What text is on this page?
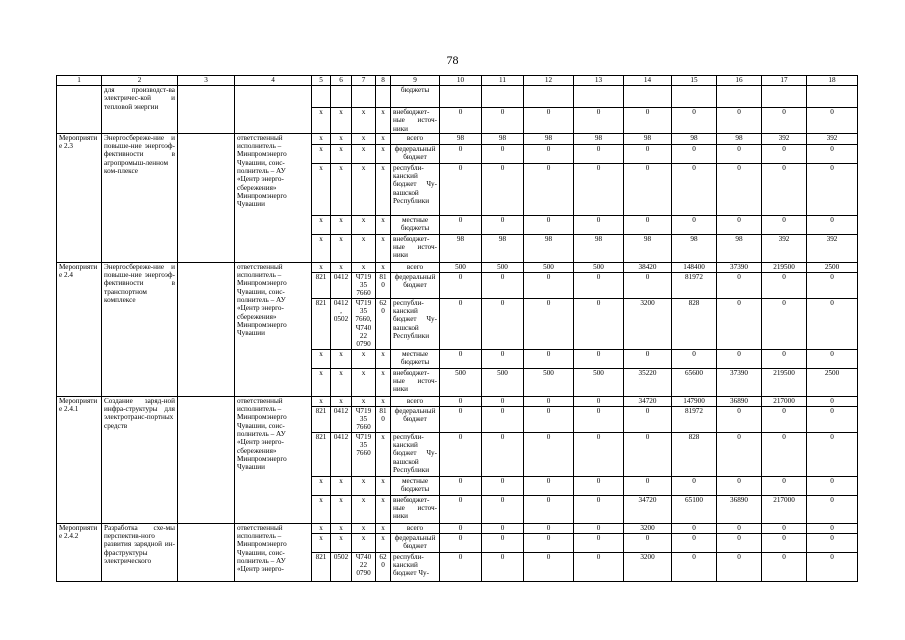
78
1	2	3	4	5	6	7	8	9	10	11	12	13	14	15	16	17	18
	для производст-ва электричес-кой и тепловой энергии							бюджеты									
				х	х	х	х	внебюджет-ные источ-ники	0	0	0	0	0	0	0	0	0
Мероприятие 2.3	Энергосбереже-ние и повыше-ние энергоэф-фективности в агропромыш-ленном ком-плексе		ответственный исполнитель – Минпромэнерго Чувашии, соис-полнитель – АУ «Центр энерго-сбережения» Минпромэнерго Чувашии	х	х	х	х	всего	98	98	98	98	98	98	98	392	392
				х	х	х	х	федеральный бюджет	0	0	0	0	0	0	0	0	0
				х	х	х	х	республи-канский бюджет Чу-вашской Республики	0	0	0	0	0	0	0	0	0
				х	х	х	х	местные бюджеты	0	0	0	0	0	0	0	0	0
				х	х	х	х	внебюджет-ные источ-ники	98	98	98	98	98	98	98	392	392
Мероприятие 2.4	Энергосбереже-ние и повыше-ние энергоэф-фективности в транспортном комплексе		ответственный исполнитель – Минпромэнерго Чувашии, соис-полнитель – АУ «Центр энерго-сбережения» Минпромэнерго Чувашии	х	х	х	х	всего	500	500	500	500	38420	148400	37390	219500	2500
				821	0412	Ч71935 7660	810	федеральный бюджет	0	0	0	0	0	81972	0	0	0
				821	0412, 0502	Ч71935 7660, Ч74022 0790	620	республи-канский бюджет Чу-вашской Республики	0	0	0	0	3200	828	0	0	0
				х	х	х	х	местные бюджеты	0	0	0	0	0	0	0	0	0
				х	х	х	х	внебюджет-ные источ-ники	500	500	500	500	35220	65600	37390	219500	2500
Мероприятие 2.4.1	Создание заряд-ной инфра-структуры для электротранс-портных средств		ответственный исполнитель – Минпромэнерго Чувашии, соис-полнитель – АУ «Центр энерго-сбережения» Минпромэнерго Чувашии	х	х	х	х	всего	0	0	0	0	34720	147900	36890	217000	0
				821	0412	Ч71935 7660	810	федеральный бюджет	0	0	0	0	0	81972	0	0	0
				821	0412	Ч71935 7660	х	республи-канский бюджет Чу-вашской Республики	0	0	0	0	0	828	0	0	0
				х	х	х	х	местные бюджеты	0	0	0	0	0	0	0	0	0
				х	х	х	х	внебюджет-ные источ-ники	0	0	0	0	34720	65100	36890	217000	0
Мероприятие 2.4.2	Разработка схе-мы перспектив-ного развития зарядной ин-фраструктуры электрического		ответственный исполнитель – Минпромэнерго Чувашии, соис-полнитель – АУ «Центр энерго-	х	х	х	х	всего	0	0	0	0	3200	0	0	0	0
				х	х	х	х	федеральный бюджет	0	0	0	0	0	0	0	0	0
				821	0502	Ч74022 0790	620	республи-канский бюджет Чу-	0	0	0	0	3200	0	0	0	0
